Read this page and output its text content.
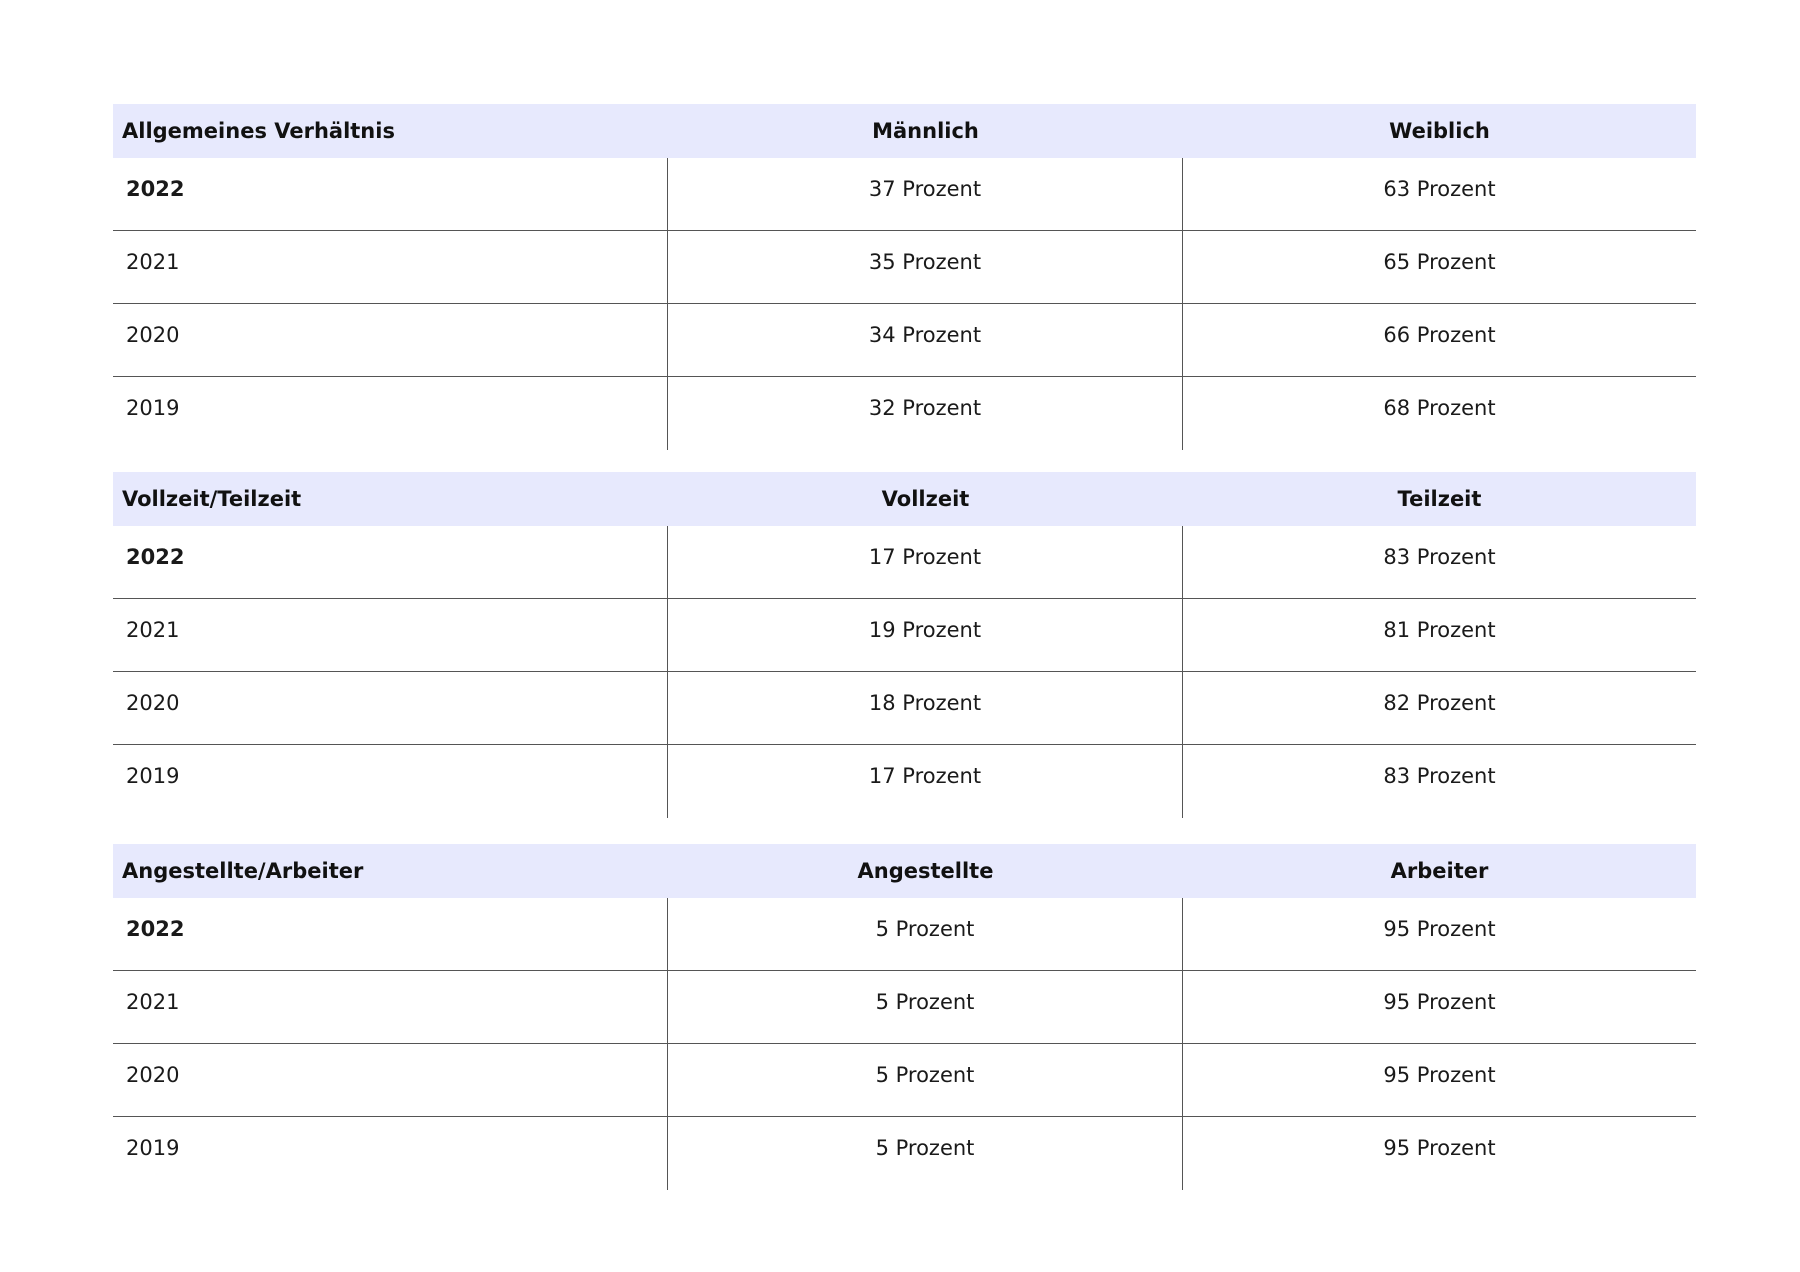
Allgemeines Verhältnis	Männlich	Weiblich
2022	37 Prozent	63 Prozent
2021	35 Prozent	65 Prozent
2020	34 Prozent	66 Prozent
2019	32 Prozent	68 Prozent
Vollzeit/Teilzeit	Vollzeit	Teilzeit
2022	17 Prozent	83 Prozent
2021	19 Prozent	81 Prozent
2020	18 Prozent	82 Prozent
2019	17 Prozent	83 Prozent
Angestellte/Arbeiter	Angestellte	Arbeiter
2022	5 Prozent	95 Prozent
2021	5 Prozent	95 Prozent
2020	5 Prozent	95 Prozent
2019	5 Prozent	95 Prozent
